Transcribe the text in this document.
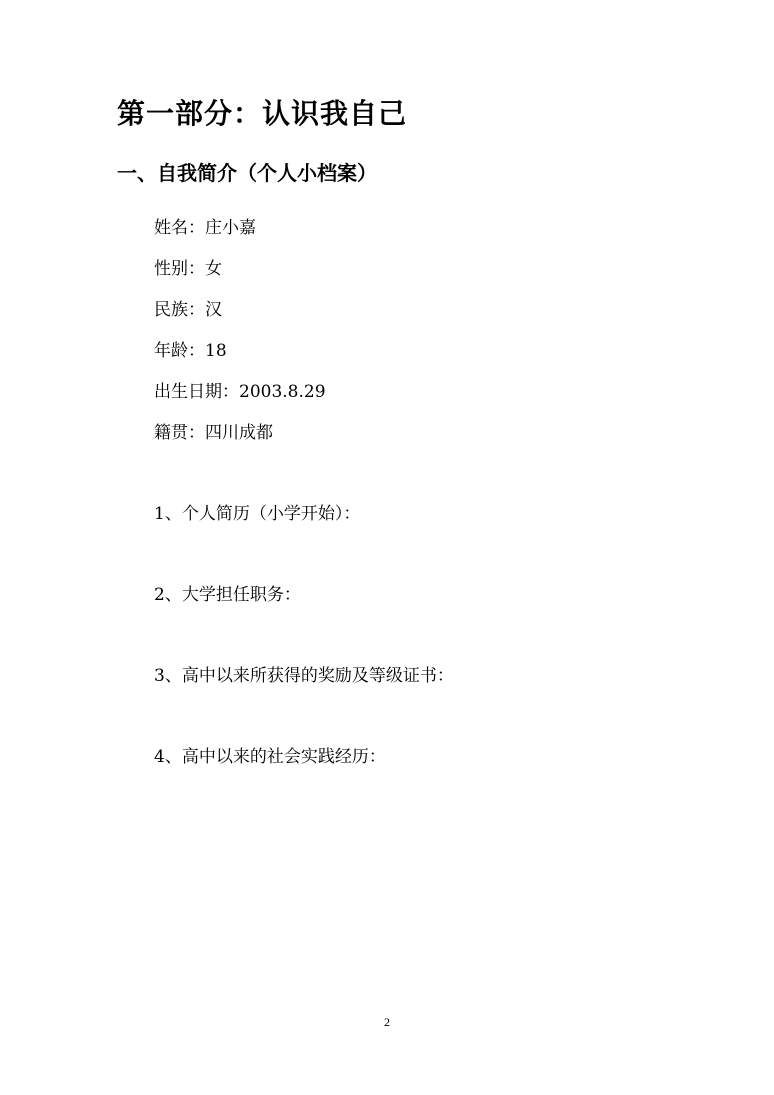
第一部分：认识我自己
一、自我简介（个人小档案）
姓名：庄小嘉
性别：女
民族：汉
年龄：18
出生日期：2003.8.29
籍贯：四川成都

1、个人简历（小学开始）：

2、大学担任职务：

3、高中以来所获得的奖励及等级证书：

4、高中以来的社会实践经历：

2
